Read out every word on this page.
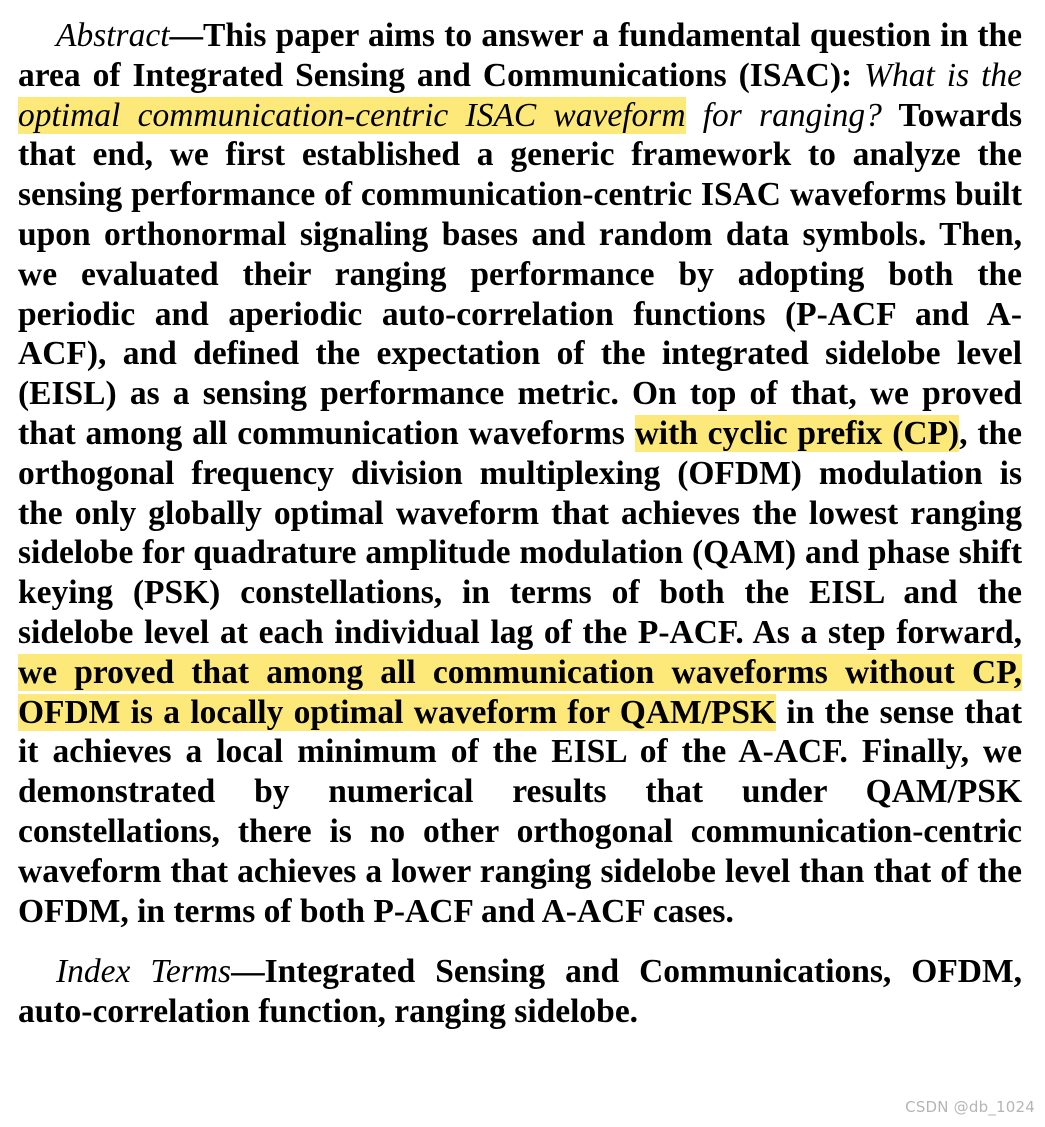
Abstract—This paper aims to answer a fundamental question in the area of Integrated Sensing and Communications (ISAC): What is the optimal communication-centric ISAC waveform for ranging? Towards that end, we first established a generic framework to analyze the sensing performance of communication-centric ISAC waveforms built upon orthonormal signaling bases and random data symbols. Then, we evaluated their ranging performance by adopting both the periodic and aperiodic auto-correlation functions (P-ACF and A-ACF), and defined the expectation of the integrated sidelobe level (EISL) as a sensing performance metric. On top of that, we proved that among all communication waveforms with cyclic prefix (CP), the orthogonal frequency division multiplexing (OFDM) modulation is the only globally optimal waveform that achieves the lowest ranging sidelobe for quadrature amplitude modulation (QAM) and phase shift keying (PSK) constellations, in terms of both the EISL and the sidelobe level at each individual lag of the P-ACF. As a step forward, we proved that among all communication waveforms without CP, OFDM is a locally optimal waveform for QAM/PSK in the sense that it achieves a local minimum of the EISL of the A-ACF. Finally, we demonstrated by numerical results that under QAM/PSK constellations, there is no other orthogonal communication-centric waveform that achieves a lower ranging sidelobe level than that of the OFDM, in terms of both P-ACF and A-ACF cases.

Index Terms—Integrated Sensing and Communications, OFDM, auto-correlation function, ranging sidelobe.

CSDN @db_1024
